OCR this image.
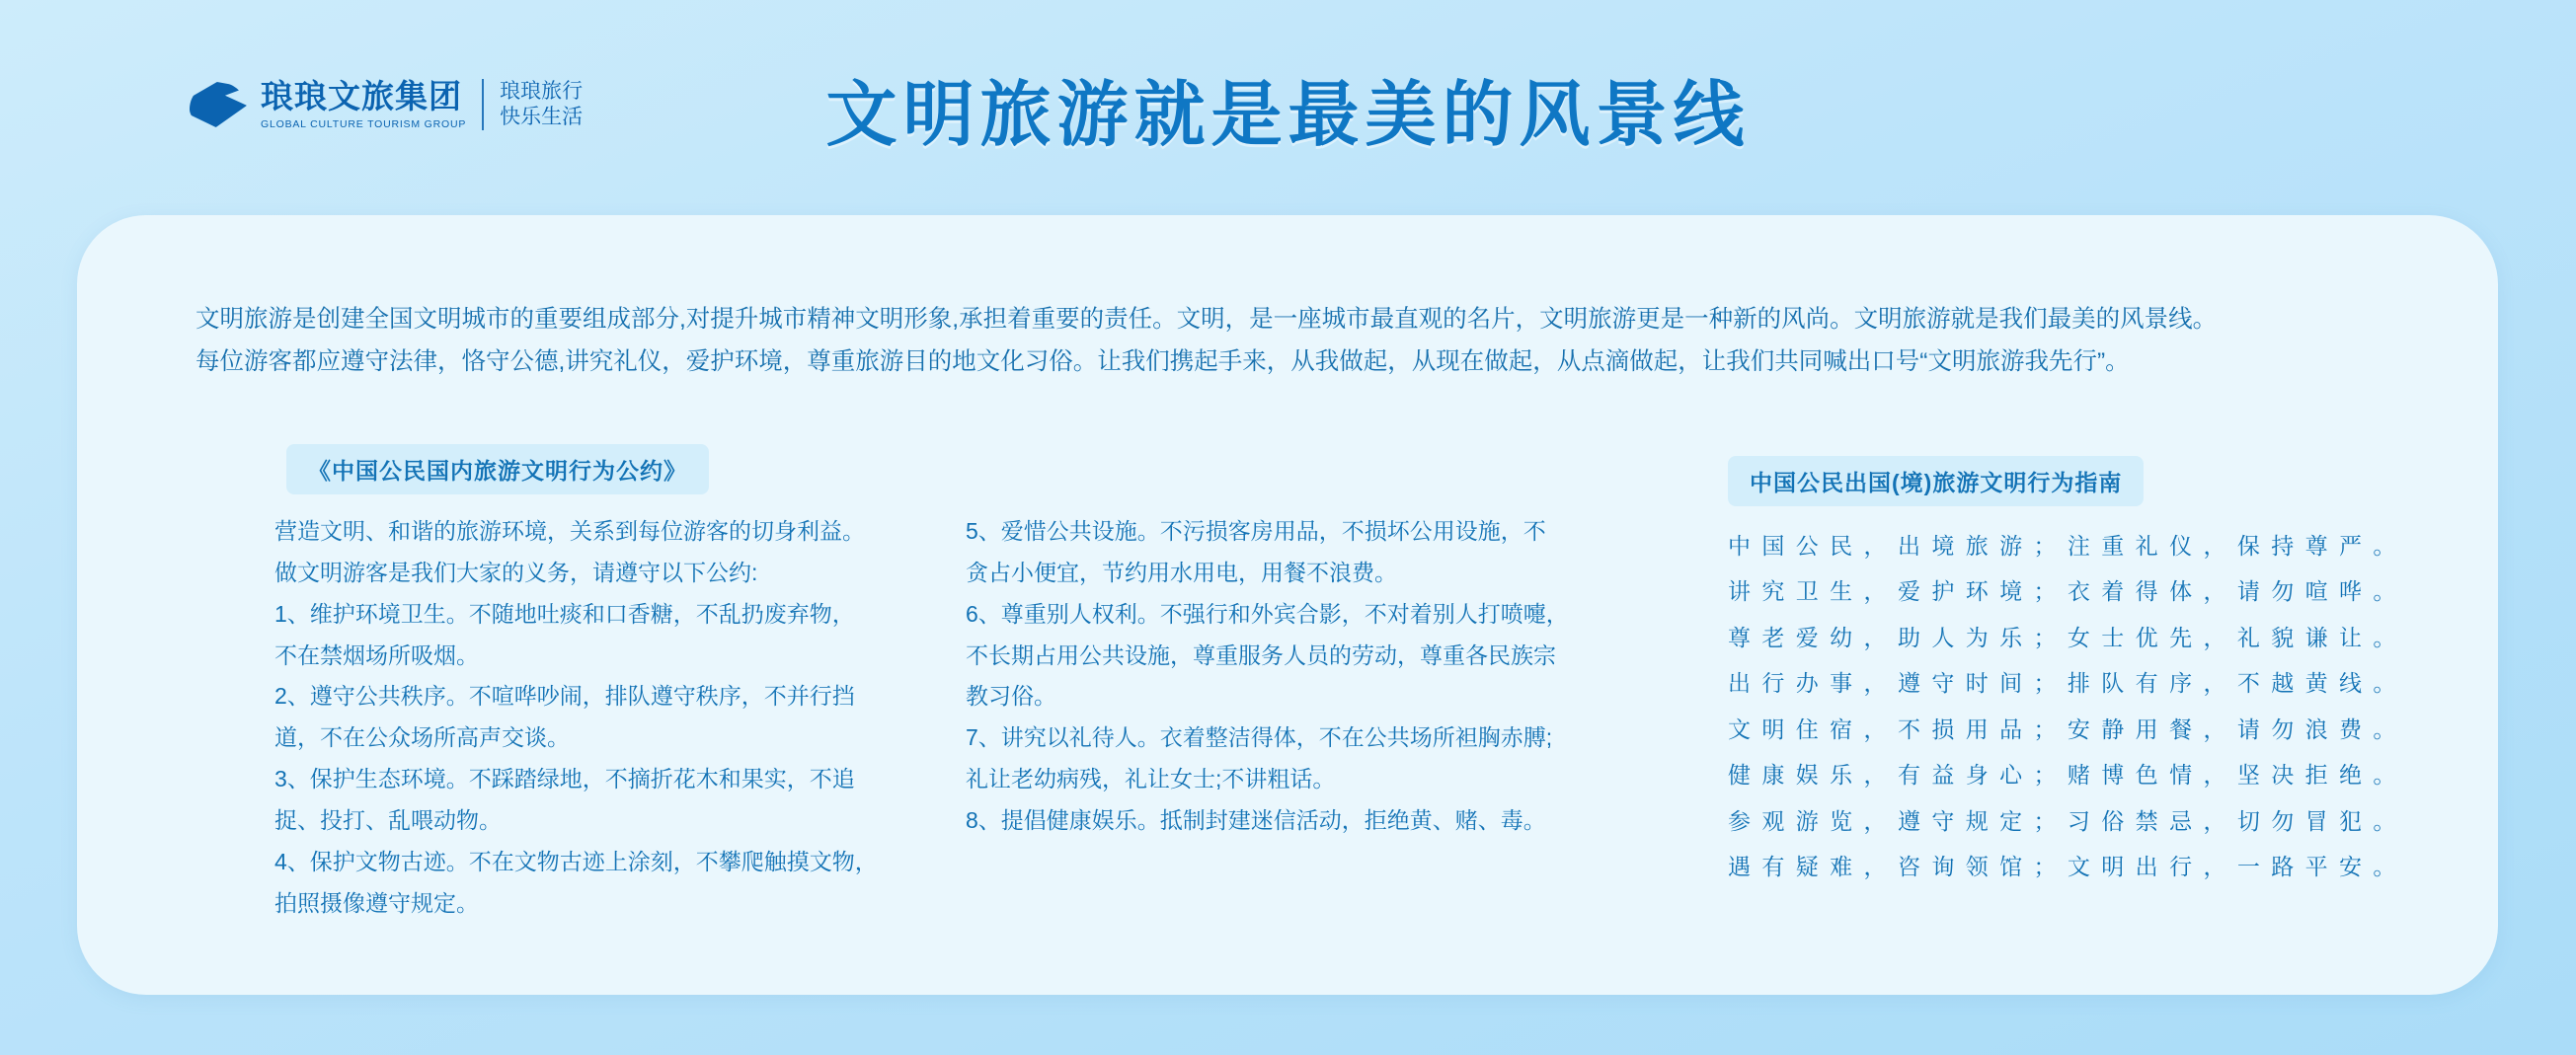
琅琅文旅集团
GLOBAL CULTURE TOURISM GROUP
琅琅旅行
快乐生活	文明旅游就是最美的风景线

文明旅游是创建全国文明城市的重要组成部分,对提升城市精神文明形象,承担着重要的责任。文明，是一座城市最直观的名片，文明旅游更是一种新的风尚。文明旅游就是我们最美的风景线。

每位游客都应遵守法律，恪守公德,讲究礼仪，爱护环境，尊重旅游目的地文化习俗。让我们携起手来，从我做起，从现在做起，从点滴做起，让我们共同喊出口号“文明旅游我先行”。

《中国公民国内旅游文明行为公约》	中国公民出国(境)旅游文明行为指南

营造文明、和谐的旅游环境，关系到每位游客的切身利益。

做文明游客是我们大家的义务，请遵守以下公约:

1、维护环境卫生。不随地吐痰和口香糖，不乱扔废弃物，

不在禁烟场所吸烟。

2、遵守公共秩序。不喧哗吵闹，排队遵守秩序，不并行挡

道，不在公众场所高声交谈。

3、保护生态环境。不踩踏绿地，不摘折花木和果实，不追

捉、投打、乱喂动物。

4、保护文物古迹。不在文物古迹上涂刻，不攀爬触摸文物，

拍照摄像遵守规定。

5、爱惜公共设施。不污损客房用品，不损坏公用设施，不

贪占小便宜，节约用水用电，用餐不浪费。

6、尊重别人权利。不强行和外宾合影，不对着别人打喷嚏，

不长期占用公共设施，尊重服务人员的劳动，尊重各民族宗

教习俗。

7、讲究以礼待人。衣着整洁得体，不在公共场所袒胸赤膊;

礼让老幼病残，礼让女士;不讲粗话。

8、提倡健康娱乐。抵制封建迷信活动，拒绝黄、赌、毒。

中 国 公 民 ， 出 境 旅 游 ； 注 重 礼 仪 ， 保 持 尊 严 。

讲 究 卫 生 ， 爱 护 环 境 ； 衣 着 得 体 ， 请 勿 喧 哗 。

尊 老 爱 幼 ， 助 人 为 乐 ； 女 士 优 先 ， 礼 貌 谦 让 。

出 行 办 事 ， 遵 守 时 间 ； 排 队 有 序 ， 不 越 黄 线 。

文 明 住 宿 ， 不 损 用 品 ； 安 静 用 餐 ， 请 勿 浪 费 。

健 康 娱 乐 ， 有 益 身 心 ； 赌 博 色 情 ， 坚 决 拒 绝 。

参 观 游 览 ， 遵 守 规 定 ； 习 俗 禁 忌 ， 切 勿 冒 犯 。

遇 有 疑 难 ， 咨 询 领 馆 ； 文 明 出 行 ， 一 路 平 安 。
